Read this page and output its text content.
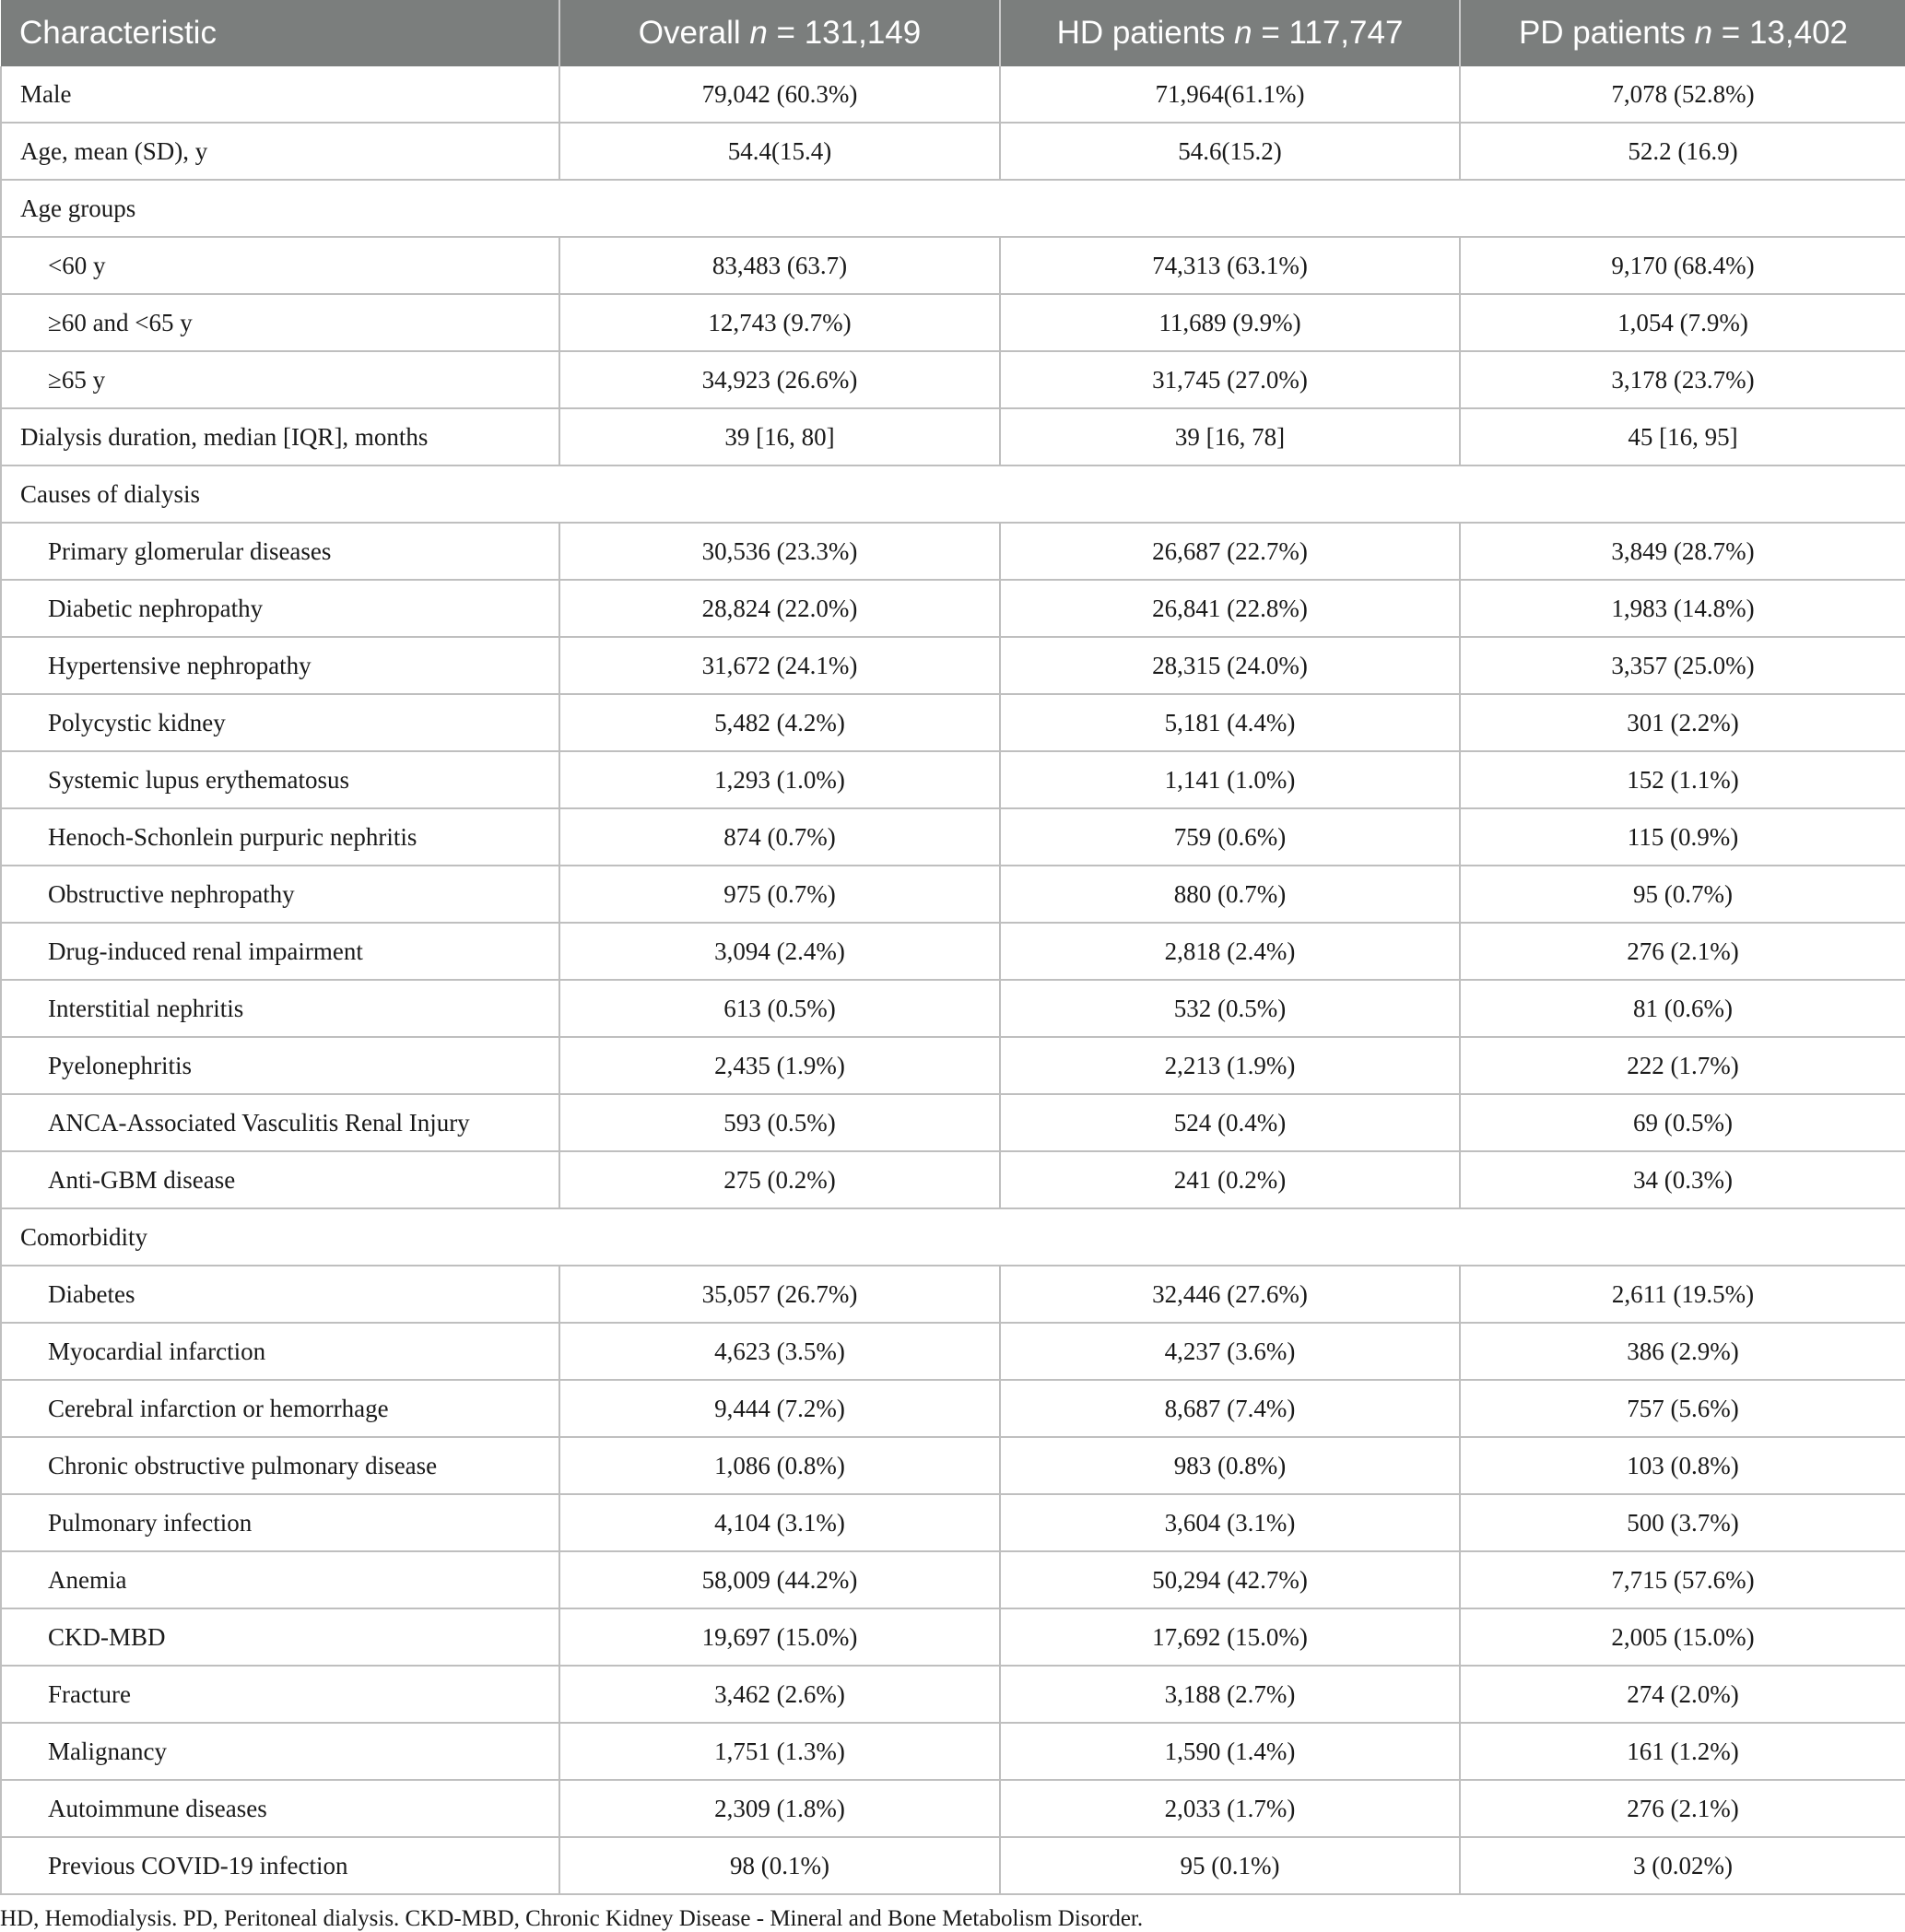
Characteristic	Overall n = 131,149	HD patients n = 117,747	PD patients n = 13,402
Male	79,042 (60.3%)	71,964(61.1%)	7,078 (52.8%)
Age, mean (SD), y	54.4(15.4)	54.6(15.2)	52.2 (16.9)
Age groups			
<60 y	83,483 (63.7)	74,313 (63.1%)	9,170 (68.4%)
≥60 and <65 y	12,743 (9.7%)	11,689 (9.9%)	1,054 (7.9%)
≥65 y	34,923 (26.6%)	31,745 (27.0%)	3,178 (23.7%)
Dialysis duration, median [IQR], months	39 [16, 80]	39 [16, 78]	45 [16, 95]
Causes of dialysis			
Primary glomerular diseases	30,536 (23.3%)	26,687 (22.7%)	3,849 (28.7%)
Diabetic nephropathy	28,824 (22.0%)	26,841 (22.8%)	1,983 (14.8%)
Hypertensive nephropathy	31,672 (24.1%)	28,315 (24.0%)	3,357 (25.0%)
Polycystic kidney	5,482 (4.2%)	5,181 (4.4%)	301 (2.2%)
Systemic lupus erythematosus	1,293 (1.0%)	1,141 (1.0%)	152 (1.1%)
Henoch-Schonlein purpuric nephritis	874 (0.7%)	759 (0.6%)	115 (0.9%)
Obstructive nephropathy	975 (0.7%)	880 (0.7%)	95 (0.7%)
Drug-induced renal impairment	3,094 (2.4%)	2,818 (2.4%)	276 (2.1%)
Interstitial nephritis	613 (0.5%)	532 (0.5%)	81 (0.6%)
Pyelonephritis	2,435 (1.9%)	2,213 (1.9%)	222 (1.7%)
ANCA-Associated Vasculitis Renal Injury	593 (0.5%)	524 (0.4%)	69 (0.5%)
Anti-GBM disease	275 (0.2%)	241 (0.2%)	34 (0.3%)
Comorbidity			
Diabetes	35,057 (26.7%)	32,446 (27.6%)	2,611 (19.5%)
Myocardial infarction	4,623 (3.5%)	4,237 (3.6%)	386 (2.9%)
Cerebral infarction or hemorrhage	9,444 (7.2%)	8,687 (7.4%)	757 (5.6%)
Chronic obstructive pulmonary disease	1,086 (0.8%)	983 (0.8%)	103 (0.8%)
Pulmonary infection	4,104 (3.1%)	3,604 (3.1%)	500 (3.7%)
Anemia	58,009 (44.2%)	50,294 (42.7%)	7,715 (57.6%)
CKD-MBD	19,697 (15.0%)	17,692 (15.0%)	2,005 (15.0%)
Fracture	3,462 (2.6%)	3,188 (2.7%)	274 (2.0%)
Malignancy	1,751 (1.3%)	1,590 (1.4%)	161 (1.2%)
Autoimmune diseases	2,309 (1.8%)	2,033 (1.7%)	276 (2.1%)
Previous COVID-19 infection	98 (0.1%)	95 (0.1%)	3 (0.02%)

HD, Hemodialysis. PD, Peritoneal dialysis. CKD-MBD, Chronic Kidney Disease - Mineral and Bone Metabolism Disorder.
